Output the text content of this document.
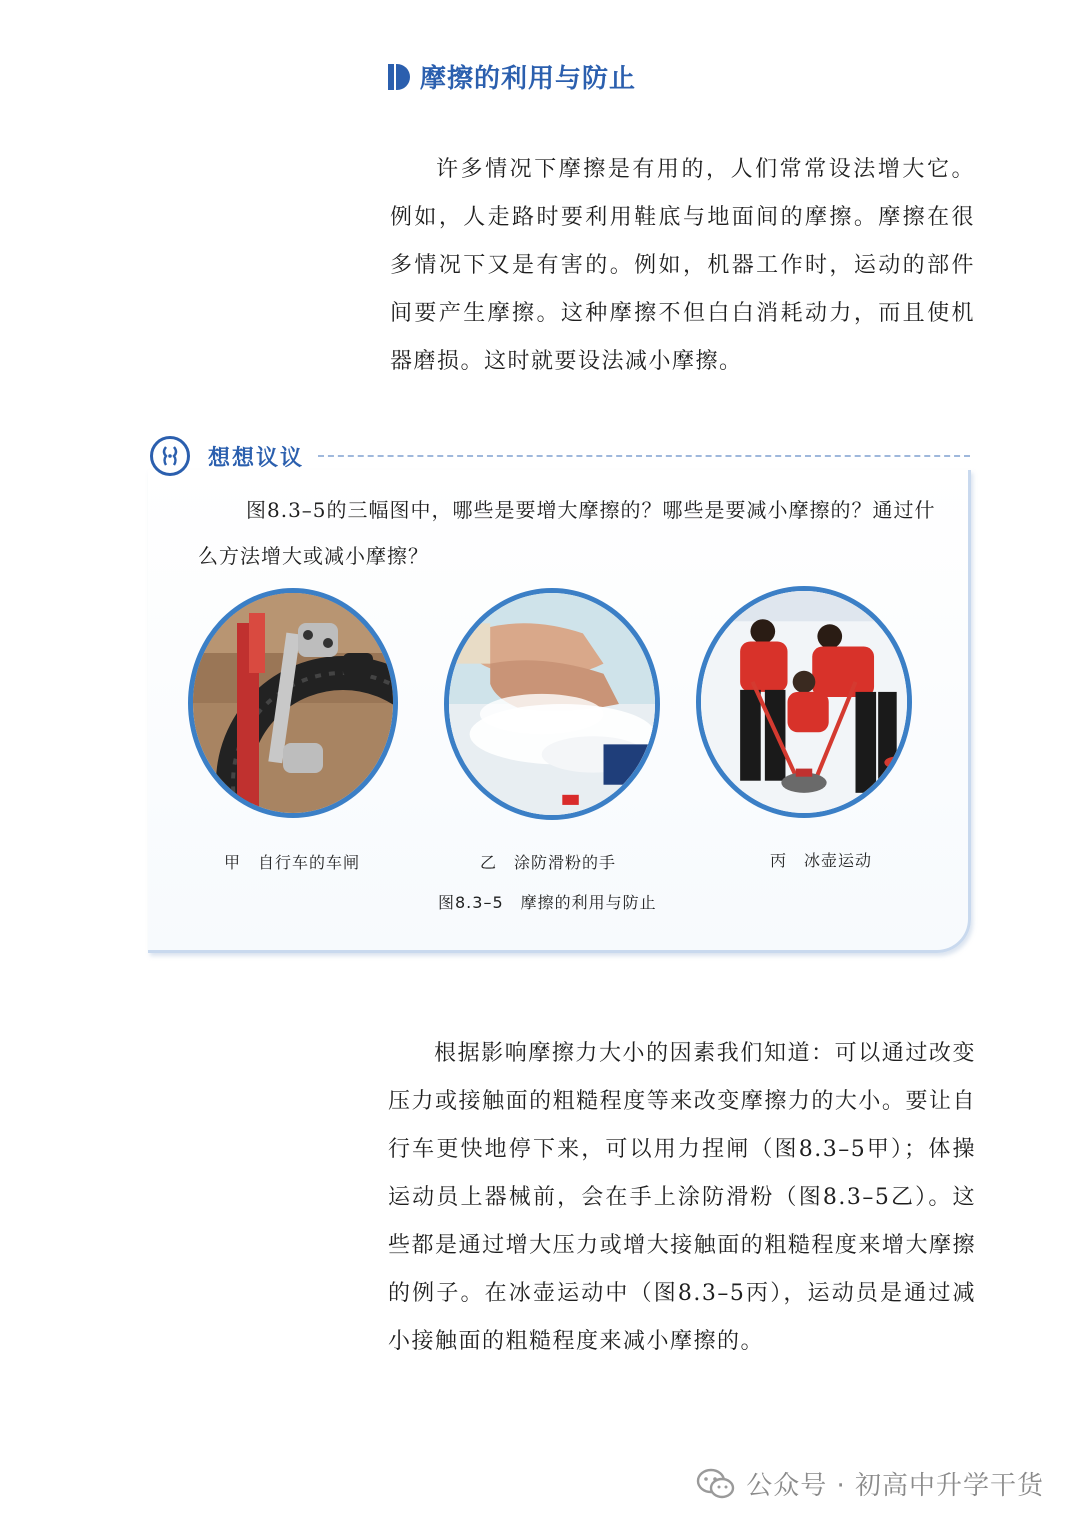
摩擦的利用与防止

许多情况下摩擦是有用的，人们常常设法增大它。例如，人走路时要利用鞋底与地面间的摩擦。摩擦在很多情况下又是有害的。例如，机器工作时，运动的部件间要产生摩擦。这种摩擦不但白白消耗动力，而且使机器磨损。这时就要设法减小摩擦。

想想议议

图8.3–5的三幅图中，哪些是要增大摩擦的？哪些是要减小摩擦的？通过什么方法增大或减小摩擦？

甲　自行车的车闸	乙　涂防滑粉的手	丙　冰壶运动
图8.3–5　摩擦的利用与防止

根据影响摩擦力大小的因素我们知道：可以通过改变压力或接触面的粗糙程度等来改变摩擦力的大小。要让自行车更快地停下来，可以用力捏闸（图8.3–5甲）；体操运动员上器械前，会在手上涂防滑粉（图8.3–5乙）。这些都是通过增大压力或增大接触面的粗糙程度来增大摩擦的例子。在冰壶运动中（图8.3–5丙），运动员是通过减小接触面的粗糙程度来减小摩擦的。

公众号 · 初高中升学干货
